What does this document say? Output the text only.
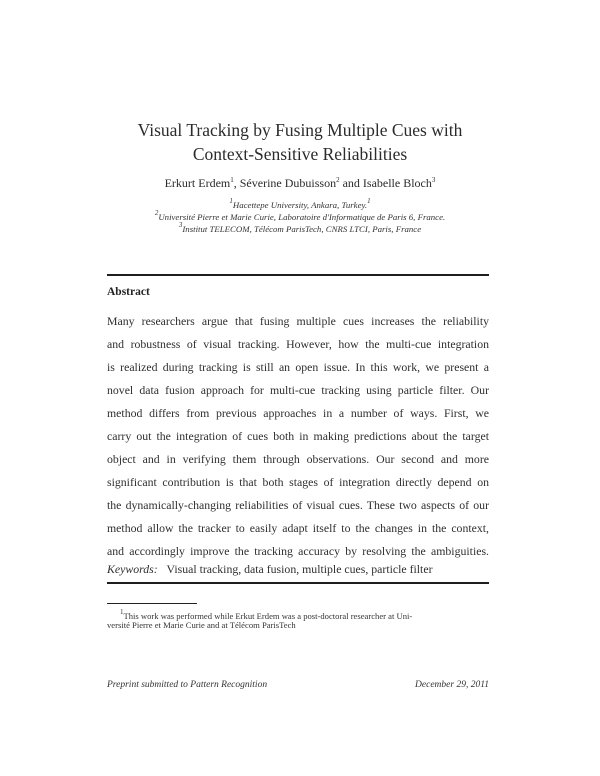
Visual Tracking by Fusing Multiple Cues with
Context-Sensitive Reliabilities
Erkurt Erdem$^1$, Séverine Dubuisson$^2$ and Isabelle Bloch$^3$
$^1$Hacettepe University, Ankara, Turkey.$^1$
$^2$Université Pierre et Marie Curie, Laboratoire d'Informatique de Paris 6, France.
$^3$Institut TELECOM, Télécom ParisTech, CNRS LTCI, Paris, France
Abstract
Many researchers argue that fusing multiple cues increases the reliability
and robustness of visual tracking. However, how the multi-cue integration
is realized during tracking is still an open issue. In this work, we present a
novel data fusion approach for multi-cue tracking using particle filter. Our
method differs from previous approaches in a number of ways. First, we
carry out the integration of cues both in making predictions about the target
object and in verifying them through observations. Our second and more
significant contribution is that both stages of integration directly depend on
the dynamically-changing reliabilities of visual cues. These two aspects of our
method allow the tracker to easily adapt itself to the changes in the context,
and accordingly improve the tracking accuracy by resolving the ambiguities.
Keywords: Visual tracking, data fusion, multiple cues, particle filter
$^1$This work was performed while Erkut Erdem was a post-doctoral researcher at Uni-
versité Pierre et Marie Curie and at Télécom ParisTech
Preprint submitted to Pattern Recognition	December 29, 2011
